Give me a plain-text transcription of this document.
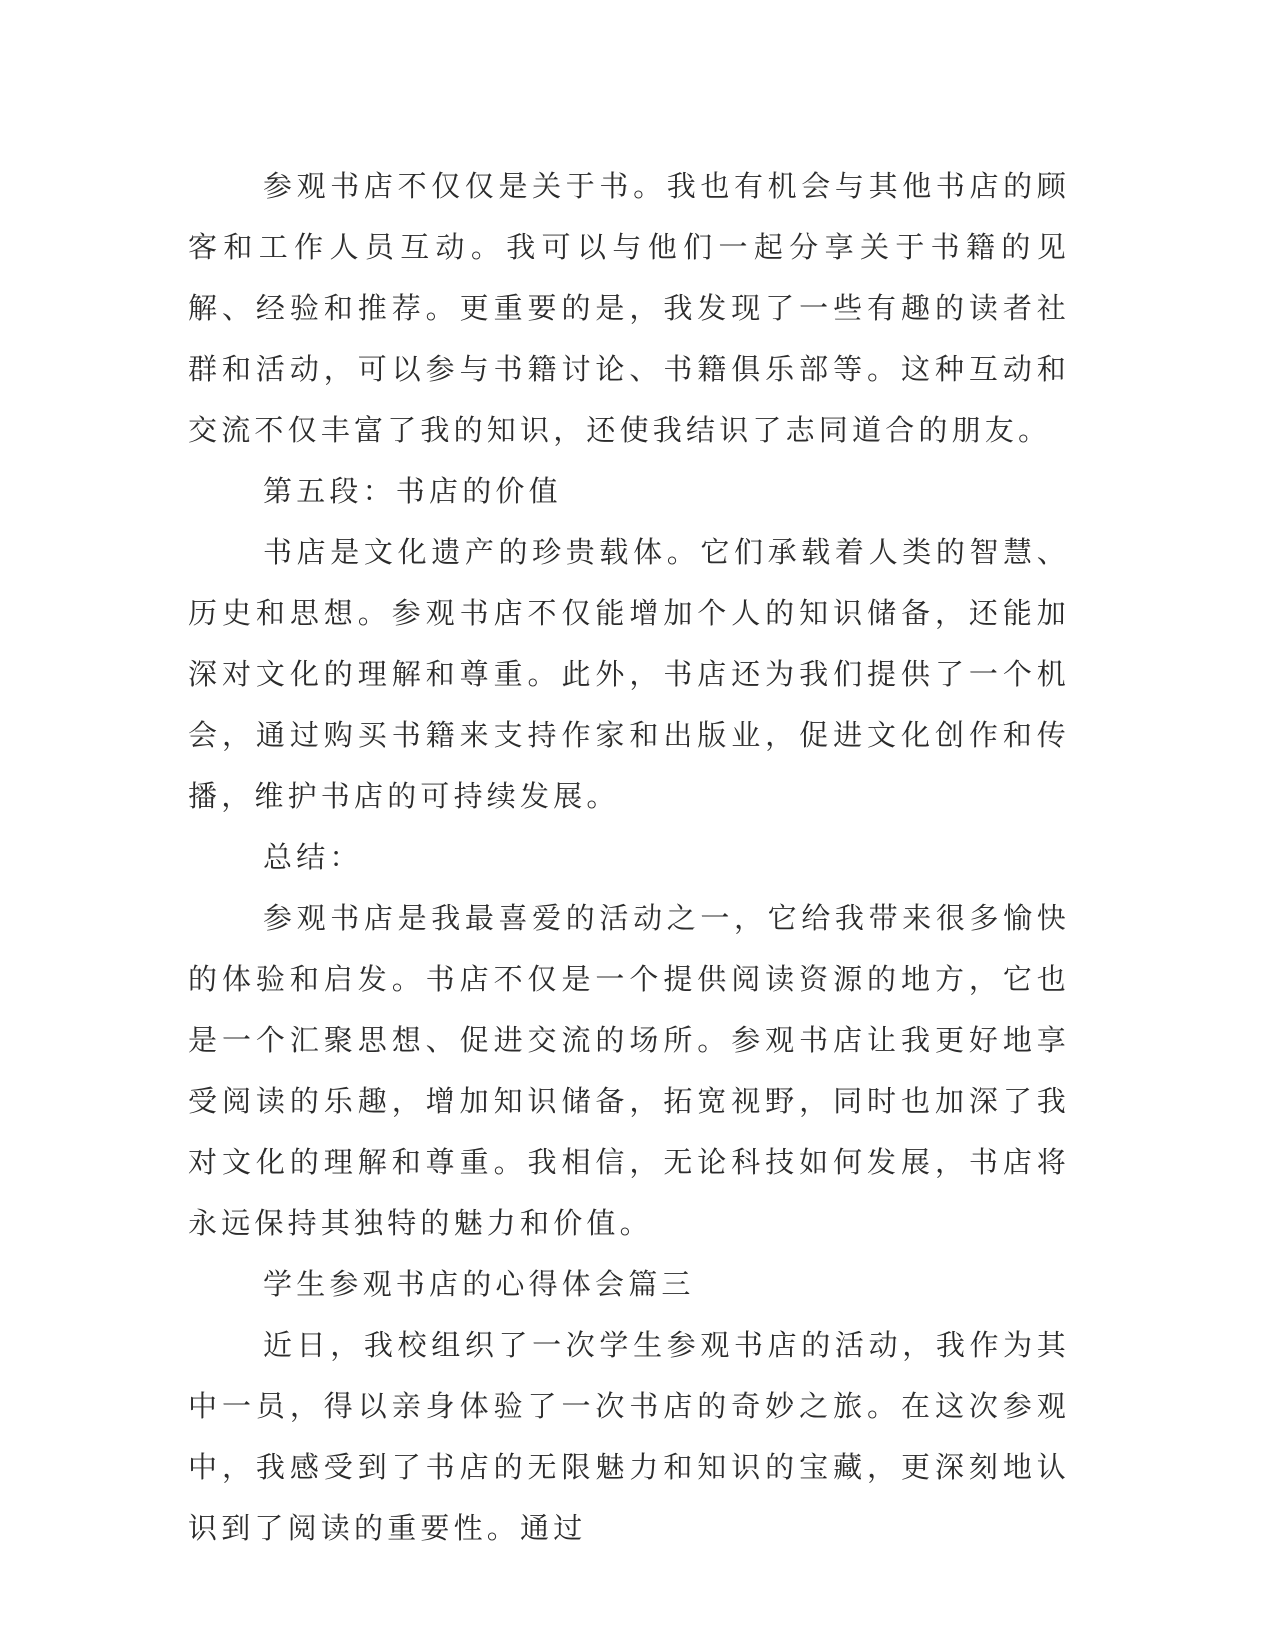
参观书店不仅仅是关于书。我也有机会与其他书店的顾客和工作人员互动。我可以与他们一起分享关于书籍的见解、经验和推荐。更重要的是，我发现了一些有趣的读者社群和活动，可以参与书籍讨论、书籍俱乐部等。这种互动和交流不仅丰富了我的知识，还使我结识了志同道合的朋友。

第五段：书店的价值

书店是文化遗产的珍贵载体。它们承载着人类的智慧、历史和思想。参观书店不仅能增加个人的知识储备，还能加深对文化的理解和尊重。此外，书店还为我们提供了一个机会，通过购买书籍来支持作家和出版业，促进文化创作和传播，维护书店的可持续发展。

总结：

参观书店是我最喜爱的活动之一，它给我带来很多愉快的体验和启发。书店不仅是一个提供阅读资源的地方，它也是一个汇聚思想、促进交流的场所。参观书店让我更好地享受阅读的乐趣，增加知识储备，拓宽视野，同时也加深了我对文化的理解和尊重。我相信，无论科技如何发展，书店将永远保持其独特的魅力和价值。

学生参观书店的心得体会篇三

近日，我校组织了一次学生参观书店的活动，我作为其中一员，得以亲身体验了一次书店的奇妙之旅。在这次参观中，我感受到了书店的无限魅力和知识的宝藏，更深刻地认识到了阅读的重要性。通过
